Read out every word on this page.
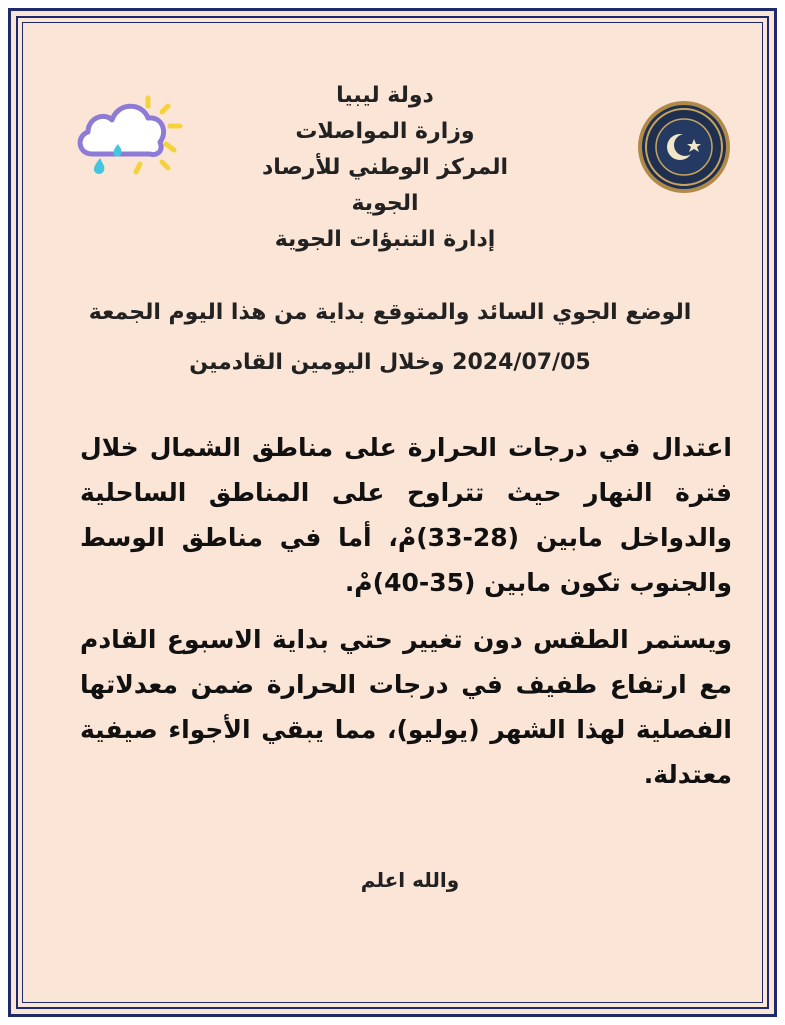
دولة ليبيا
وزارة المواصلات
المركز الوطني للأرصاد الجوية
إدارة التنبؤات الجوية
الوضع الجوي السائد والمتوقع بداية من هذا اليوم الجمعة
2024/07/05 وخلال اليومين القادمين

اعتدال في درجات الحرارة على مناطق الشمال خلال فترة النهار حيث تتراوح على المناطق الساحلية والدواخل مابين (28-33)مْ، أما في مناطق الوسط والجنوب تكون مابين (35-40)مْ.

ويستمر الطقس دون تغيير حتي بداية الاسبوع القادم مع ارتفاع طفيف في درجات الحرارة ضمن معدلاتها الفصلية لهذا الشهر (يوليو)، مما يبقي الأجواء صيفية معتدلة.

والله اعلم
